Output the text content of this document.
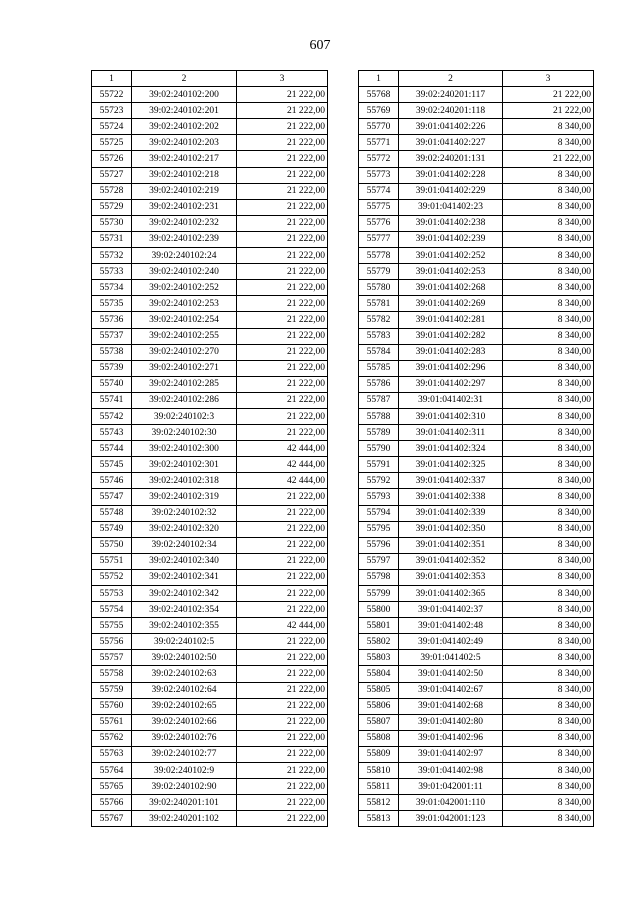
607
1	2	3
55722	39:02:240102:200	21 222,00
55723	39:02:240102:201	21 222,00
55724	39:02:240102:202	21 222,00
55725	39:02:240102:203	21 222,00
55726	39:02:240102:217	21 222,00
55727	39:02:240102:218	21 222,00
55728	39:02:240102:219	21 222,00
55729	39:02:240102:231	21 222,00
55730	39:02:240102:232	21 222,00
55731	39:02:240102:239	21 222,00
55732	39:02:240102:24	21 222,00
55733	39:02:240102:240	21 222,00
55734	39:02:240102:252	21 222,00
55735	39:02:240102:253	21 222,00
55736	39:02:240102:254	21 222,00
55737	39:02:240102:255	21 222,00
55738	39:02:240102:270	21 222,00
55739	39:02:240102:271	21 222,00
55740	39:02:240102:285	21 222,00
55741	39:02:240102:286	21 222,00
55742	39:02:240102:3	21 222,00
55743	39:02:240102:30	21 222,00
55744	39:02:240102:300	42 444,00
55745	39:02:240102:301	42 444,00
55746	39:02:240102:318	42 444,00
55747	39:02:240102:319	21 222,00
55748	39:02:240102:32	21 222,00
55749	39:02:240102:320	21 222,00
55750	39:02:240102:34	21 222,00
55751	39:02:240102:340	21 222,00
55752	39:02:240102:341	21 222,00
55753	39:02:240102:342	21 222,00
55754	39:02:240102:354	21 222,00
55755	39:02:240102:355	42 444,00
55756	39:02:240102:5	21 222,00
55757	39:02:240102:50	21 222,00
55758	39:02:240102:63	21 222,00
55759	39:02:240102:64	21 222,00
55760	39:02:240102:65	21 222,00
55761	39:02:240102:66	21 222,00
55762	39:02:240102:76	21 222,00
55763	39:02:240102:77	21 222,00
55764	39:02:240102:9	21 222,00
55765	39:02:240102:90	21 222,00
55766	39:02:240201:101	21 222,00
55767	39:02:240201:102	21 222,00
1	2	3
55768	39:02:240201:117	21 222,00
55769	39:02:240201:118	21 222,00
55770	39:01:041402:226	8 340,00
55771	39:01:041402:227	8 340,00
55772	39:02:240201:131	21 222,00
55773	39:01:041402:228	8 340,00
55774	39:01:041402:229	8 340,00
55775	39:01:041402:23	8 340,00
55776	39:01:041402:238	8 340,00
55777	39:01:041402:239	8 340,00
55778	39:01:041402:252	8 340,00
55779	39:01:041402:253	8 340,00
55780	39:01:041402:268	8 340,00
55781	39:01:041402:269	8 340,00
55782	39:01:041402:281	8 340,00
55783	39:01:041402:282	8 340,00
55784	39:01:041402:283	8 340,00
55785	39:01:041402:296	8 340,00
55786	39:01:041402:297	8 340,00
55787	39:01:041402:31	8 340,00
55788	39:01:041402:310	8 340,00
55789	39:01:041402:311	8 340,00
55790	39:01:041402:324	8 340,00
55791	39:01:041402:325	8 340,00
55792	39:01:041402:337	8 340,00
55793	39:01:041402:338	8 340,00
55794	39:01:041402:339	8 340,00
55795	39:01:041402:350	8 340,00
55796	39:01:041402:351	8 340,00
55797	39:01:041402:352	8 340,00
55798	39:01:041402:353	8 340,00
55799	39:01:041402:365	8 340,00
55800	39:01:041402:37	8 340,00
55801	39:01:041402:48	8 340,00
55802	39:01:041402:49	8 340,00
55803	39:01:041402:5	8 340,00
55804	39:01:041402:50	8 340,00
55805	39:01:041402:67	8 340,00
55806	39:01:041402:68	8 340,00
55807	39:01:041402:80	8 340,00
55808	39:01:041402:96	8 340,00
55809	39:01:041402:97	8 340,00
55810	39:01:041402:98	8 340,00
55811	39:01:042001:11	8 340,00
55812	39:01:042001:110	8 340,00
55813	39:01:042001:123	8 340,00
